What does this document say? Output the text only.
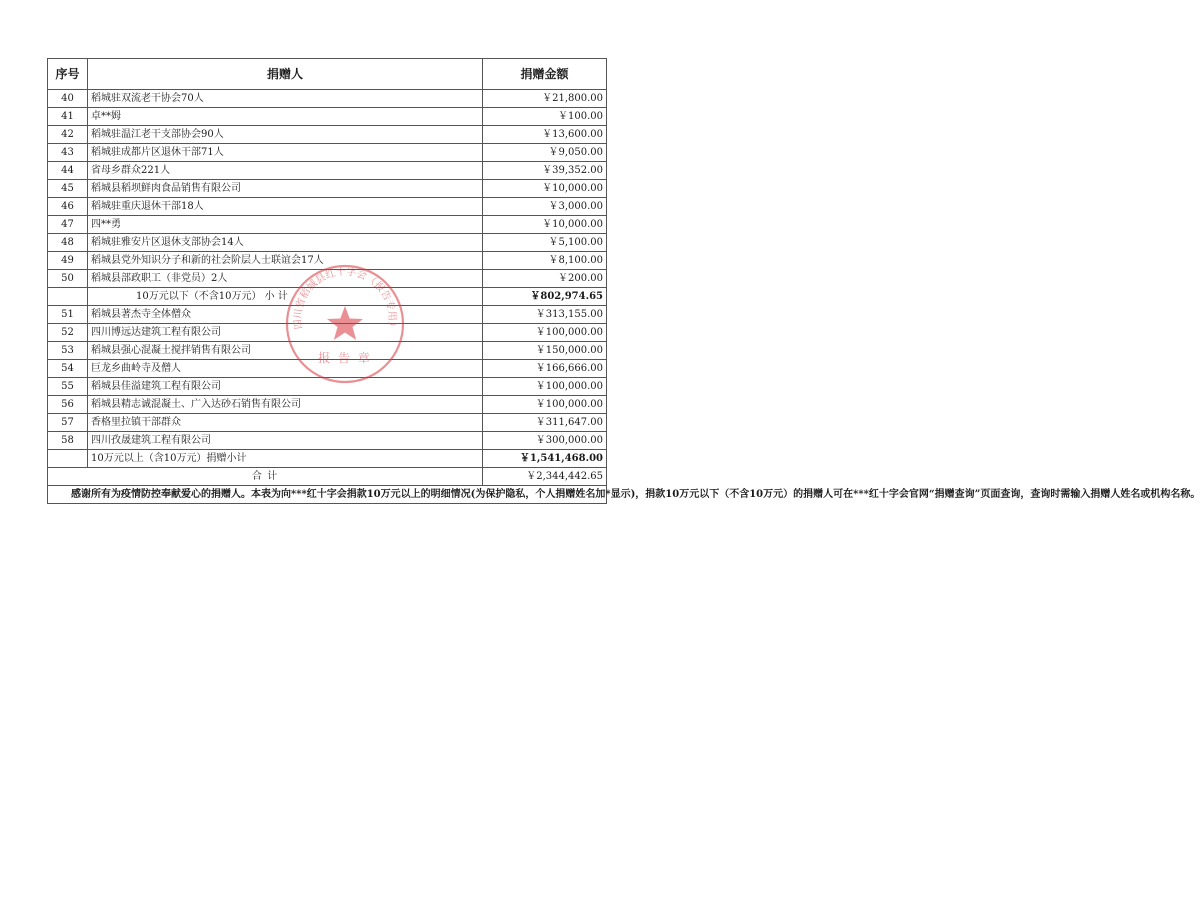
序号	捐赠人	捐赠金额
40	稻城驻双流老干协会70人	￥21,800.00
41	卓**姆	￥100.00
42	稻城驻温江老干支部协会90人	￥13,600.00
43	稻城驻成都片区退休干部71人	￥9,050.00
44	省母乡群众221人	￥39,352.00
45	稻城县稻坝鲜肉食品销售有限公司	￥10,000.00
46	稻城驻重庆退休干部18人	￥3,000.00
47	四**勇	￥10,000.00
48	稻城驻雅安片区退休支部协会14人	￥5,100.00
49	稻城县党外知识分子和新的社会阶层人士联谊会17人	￥8,100.00
50	稻城县部政职工（非党员）2人	￥200.00
	10万元以下（不含10万元） 小 计	￥802,974.65
51	稻城县著杰寺全体僧众	￥313,155.00
52	四川博远达建筑工程有限公司	￥100,000.00
53	稻城县强心混凝土搅拌销售有限公司	￥150,000.00
54	巨龙乡曲岭寺及僧人	￥166,666.00
55	稻城县佳溢建筑工程有限公司	￥100,000.00
56	稻城县精志诚混凝土、广入达砂石销售有限公司	￥100,000.00
57	香格里拉镇干部群众	￥311,647.00
58	四川孜晟建筑工程有限公司	￥300,000.00
	10万元以上（含10万元）捐赠小计	￥1,541,468.00
合 计		￥2,344,442.65
感谢所有为疫情防控奉献爱心的捐赠人。本表为向***红十字会捐款10万元以上的明细情况(为保护隐私，个人捐赠姓名加*显示)，捐款10万元以下（不含10万元）的捐赠人可在***红十字会官网“捐赠查询”页面查询，查询时需输入捐赠人姓名或机构名称。		
四川省稻城县红十字会（报告专用）
报 告 章
